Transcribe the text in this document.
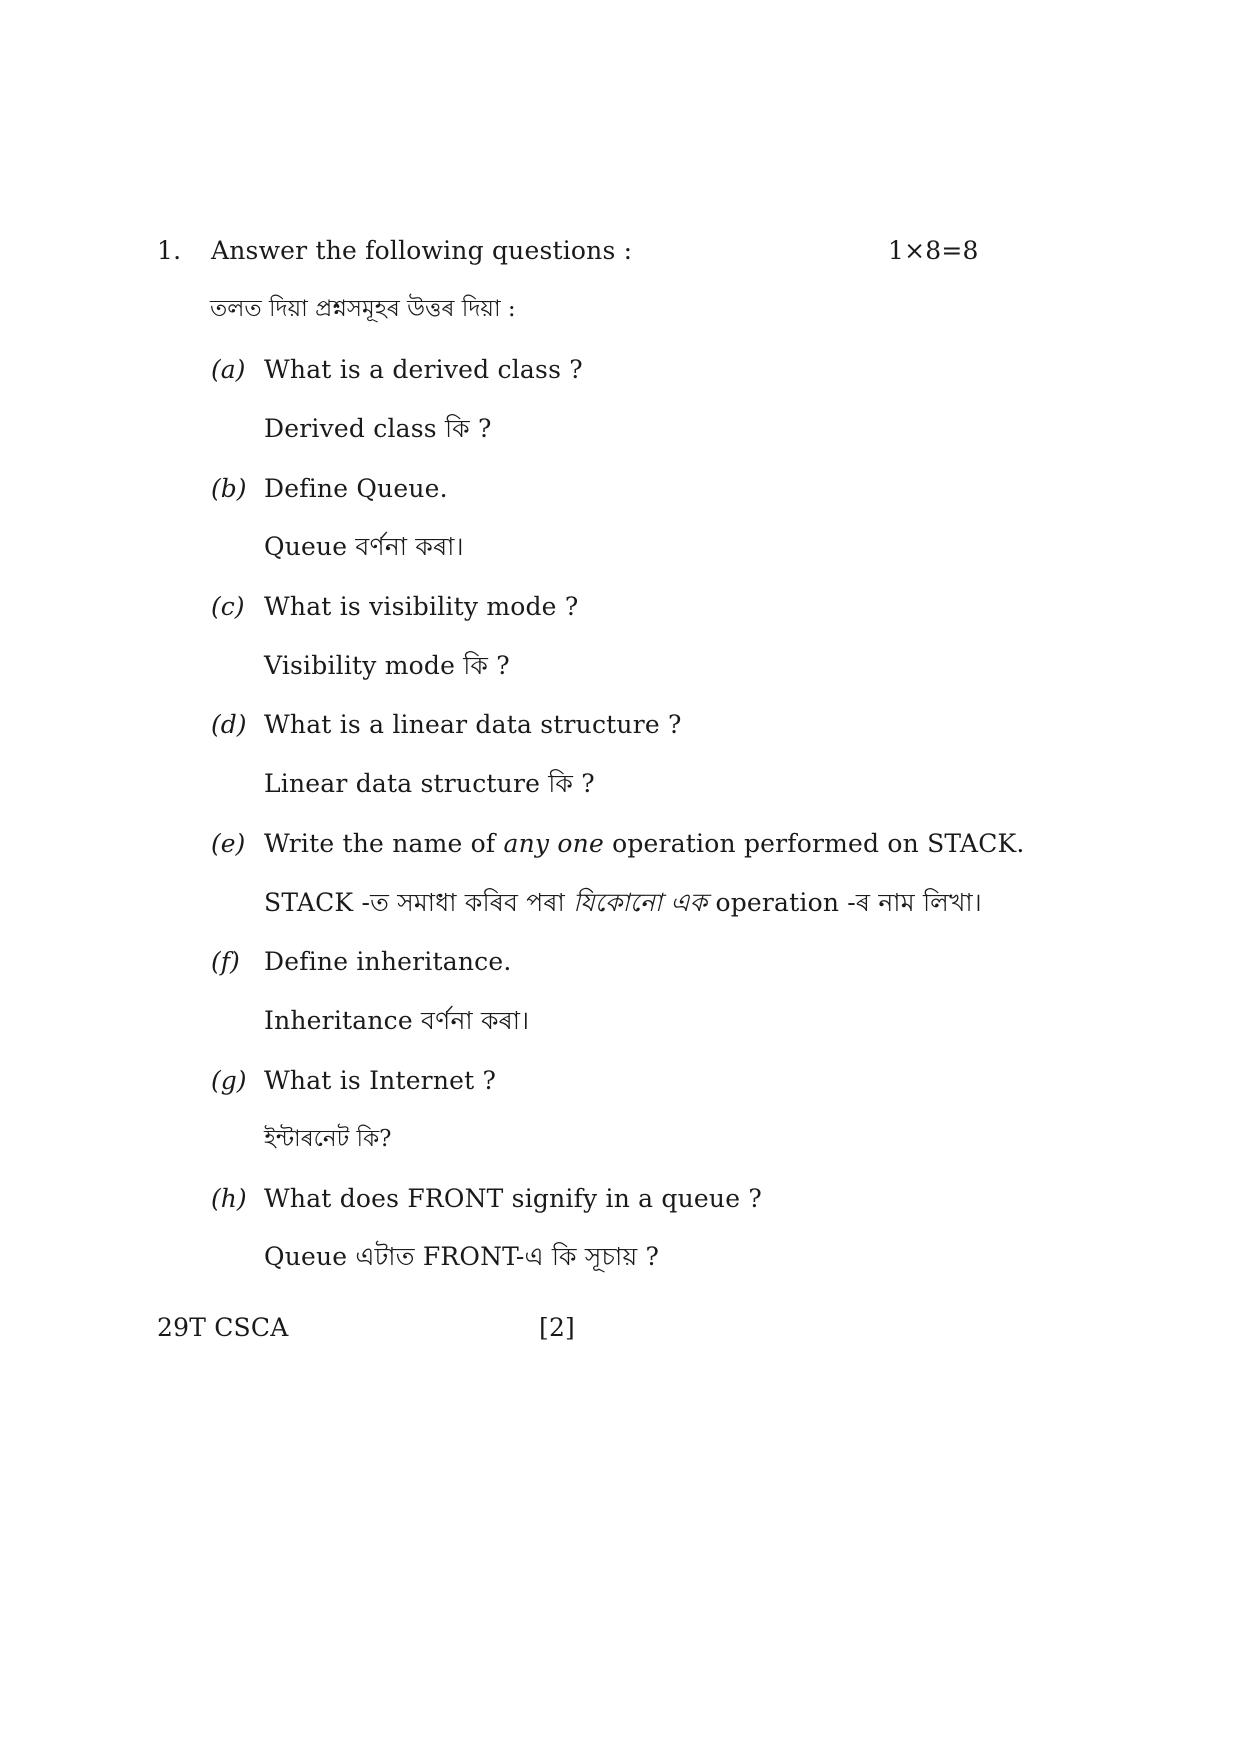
1. Answer the following questions :	1×8=8
তলত দিয়া প্ৰশ্নসমূহৰ উত্তৰ দিয়া :
(a) What is a derived class ?
Derived class কি ?
(b) Define Queue.
Queue বৰ্ণনা কৰা।
(c) What is visibility mode ?
Visibility mode কি ?
(d) What is a linear data structure ?
Linear data structure কি ?
(e) Write the name of any one operation performed on STACK.
STACK -ত সমাধা কৰিব পৰা যিকোনো এক operation -ৰ নাম লিখা।
(f) Define inheritance.
Inheritance বৰ্ণনা কৰা।
(g) What is Internet ?
ইন্টাৰনেট কি?
(h) What does FRONT signify in a queue ?
Queue এটাত FRONT-এ কি সূচায় ?
29T CSCA	[2]
